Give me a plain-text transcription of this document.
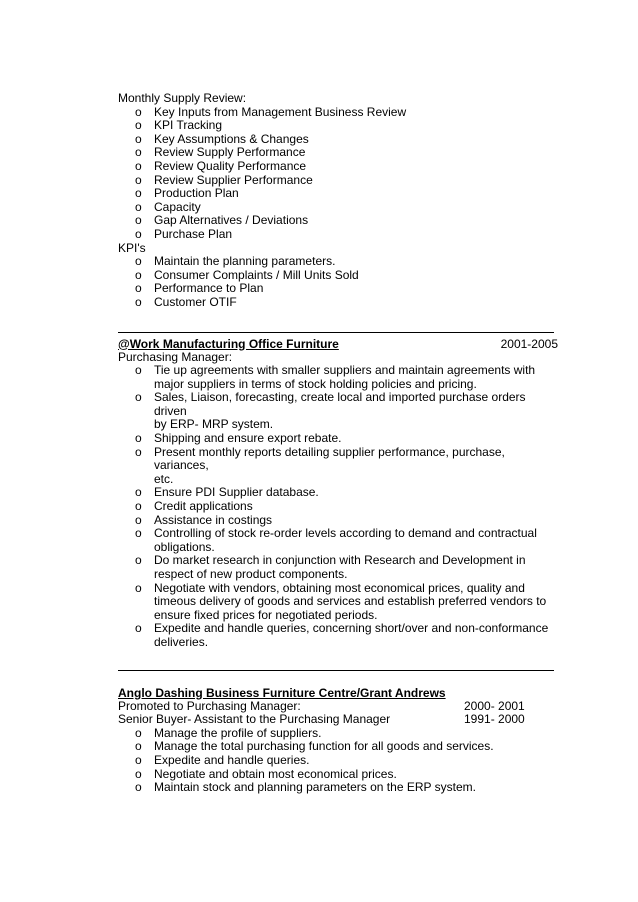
Monthly Supply Review:
o Key Inputs from Management Business Review
o KPI Tracking
o Key Assumptions & Changes
o Review Supply Performance
o Review Quality Performance
o Review Supplier Performance
o Production Plan
o Capacity
o Gap Alternatives / Deviations
o Purchase Plan
KPI's
o Maintain the planning parameters.
o Consumer Complaints / Mill Units Sold
o Performance to Plan
o Customer OTIF
@Work Manufacturing Office Furniture	2001-2005
Purchasing Manager:
o Tie up agreements with smaller suppliers and maintain agreements with
major suppliers in terms of stock holding policies and pricing.
o Sales, Liaison, forecasting, create local and imported purchase orders driven
by ERP- MRP system.
o Shipping and ensure export rebate.
o Present monthly reports detailing supplier performance, purchase, variances,
etc.
o Ensure PDI Supplier database.
o Credit applications
o Assistance in costings
o Controlling of stock re-order levels according to demand and contractual
obligations.
o Do market research in conjunction with Research and Development in
respect of new product components.
o Negotiate with vendors, obtaining most economical prices, quality and
timeous delivery of goods and services and establish preferred vendors to
ensure fixed prices for negotiated periods.
o Expedite and handle queries, concerning short/over and non-conformance
deliveries.
Anglo Dashing Business Furniture Centre/Grant Andrews
Promoted to Purchasing Manager:	2000- 2001
Senior Buyer- Assistant to the Purchasing Manager	1991- 2000
o Manage the profile of suppliers.
o Manage the total purchasing function for all goods and services.
o Expedite and handle queries.
o Negotiate and obtain most economical prices.
o Maintain stock and planning parameters on the ERP system.
